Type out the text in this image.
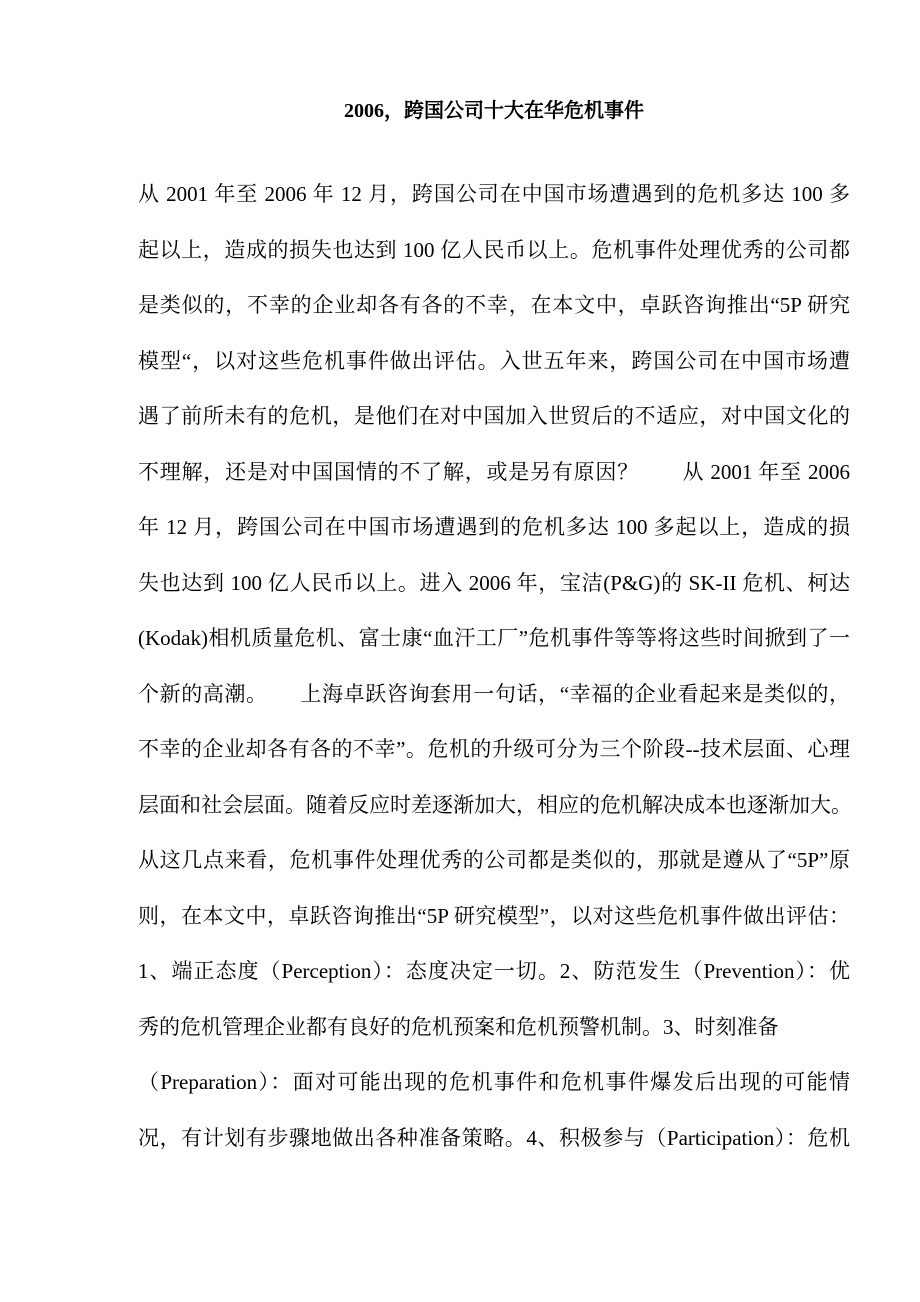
2006，跨国公司十大在华危机事件
从 2001 年至 2006 年 12 月，跨国公司在中国市场遭遇到的危机多达 100 多
起以上，造成的损失也达到 100 亿人民币以上。危机事件处理优秀的公司都
是类似的，不幸的企业却各有各的不幸，在本文中，卓跃咨询推出“5P 研究
模型“，以对这些危机事件做出评估。入世五年来，跨国公司在中国市场遭
遇了前所未有的危机，是他们在对中国加入世贸后的不适应，对中国文化的
不理解，还是对中国国情的不了解，或是另有原因？　　从 2001 年至 2006
年 12 月，跨国公司在中国市场遭遇到的危机多达 100 多起以上，造成的损
失也达到 100 亿人民币以上。进入 2006 年，宝洁(P&G)的 SK-II 危机、柯达
(Kodak)相机质量危机、富士康“血汗工厂”危机事件等等将这些时间掀到了一
个新的高潮。　　上海卓跃咨询套用一句话，“幸福的企业看起来是类似的，
不幸的企业却各有各的不幸”。危机的升级可分为三个阶段--技术层面、心理
层面和社会层面。随着反应时差逐渐加大，相应的危机解决成本也逐渐加大。
从这几点来看，危机事件处理优秀的公司都是类似的，那就是遵从了“5P”原
则，在本文中，卓跃咨询推出“5P 研究模型”，以对这些危机事件做出评估：
1、端正态度（Perception）：态度决定一切。2、防范发生（Prevention）：优
秀的危机管理企业都有良好的危机预案和危机预警机制。3、时刻准备
（Preparation）：面对可能出现的危机事件和危机事件爆发后出现的可能情
况，有计划有步骤地做出各种准备策略。4、积极参与（Participation）：危机
